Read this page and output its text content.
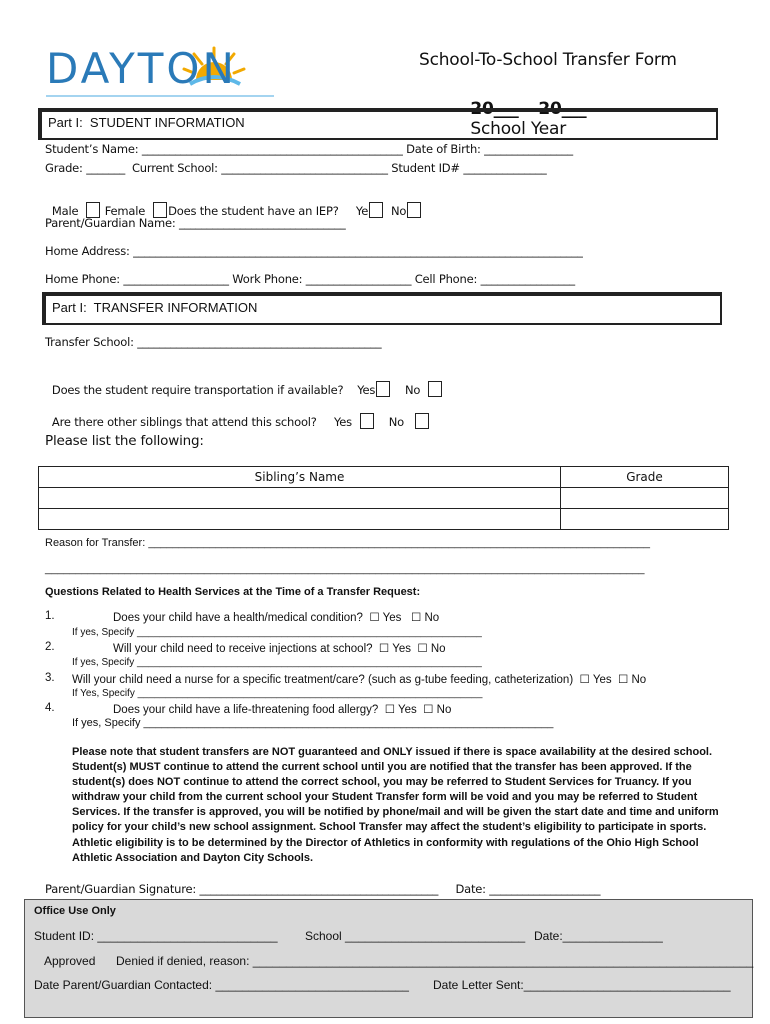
DAYTON	School-To-School Transfer Form

20___ – 20___
School Year

Part I:  STUDENT INFORMATION
Student’s Name: _______________________________________________ Date of Birth: ________________
Grade: _______  Current School: ______________________________ Student ID# _______________

Male Female Does the student have an IEP? Ye No

Parent/Guardian Name: ______________________________
Home Address: _________________________________________________________________________________
Home Phone: ___________________ Work Phone: ___________________ Cell Phone: _________________
Part I:  TRANSFER INFORMATION
Transfer School: ____________________________________________

Does the student require transportation if available? Yes	No

Are there other siblings that attend this school? Yes	No

Please list the following:
Sibling’s Name	Grade

Reason for Transfer: __________________________________________________________________________________
__________________________________________________________________________________________________
Questions Related to Health Services at the Time of a Transfer Request:
1.	Does your child have a health/medical condition?  ☐ Yes   ☐ No
If yes, Specify ______________________________________________________________
2.	Will your child need to receive injections at school?  ☐ Yes  ☐ No
If yes, Specify ______________________________________________________________
3. Will your child need a nurse for a specific treatment/care? (such as g-tube feeding, catheterization)  ☐ Yes  ☐ No
If Yes, Specify ______________________________________________________________
4.	Does your child have a life-threatening food allergy?  ☐ Yes  ☐ No
If yes, Specify ___________________________________________________________________
Please note that student transfers are NOT guaranteed and ONLY issued if there is space availability at the desired school. Student(s) MUST continue to attend the current school until you are notified that the transfer has been approved. If the student(s) does NOT continue to attend the correct school, you may be referred to Student Services for Truancy. If you withdraw your child from the current school your Student Transfer form will be void and you may be referred to Student Services. If the transfer is approved, you will be notified by phone/mail and will be given the start date and time and uniform policy for your child’s new school assignment. School Transfer may affect the student’s eligibility to participate in sports. Athletic eligibility is to be determined by the Director of Athletics in conformity with regulations of the Ohio High School Athletic Association and Dayton City Schools.
Parent/Guardian Signature: ___________________________________________     Date: ____________________
Office Use Only
Student ID: ___________________________ School ___________________________ Date:_______________
Approved Denied if denied, reason: ___________________________________________________________________________
Date Parent/Guardian Contacted: _____________________________ Date Letter Sent:_______________________________
